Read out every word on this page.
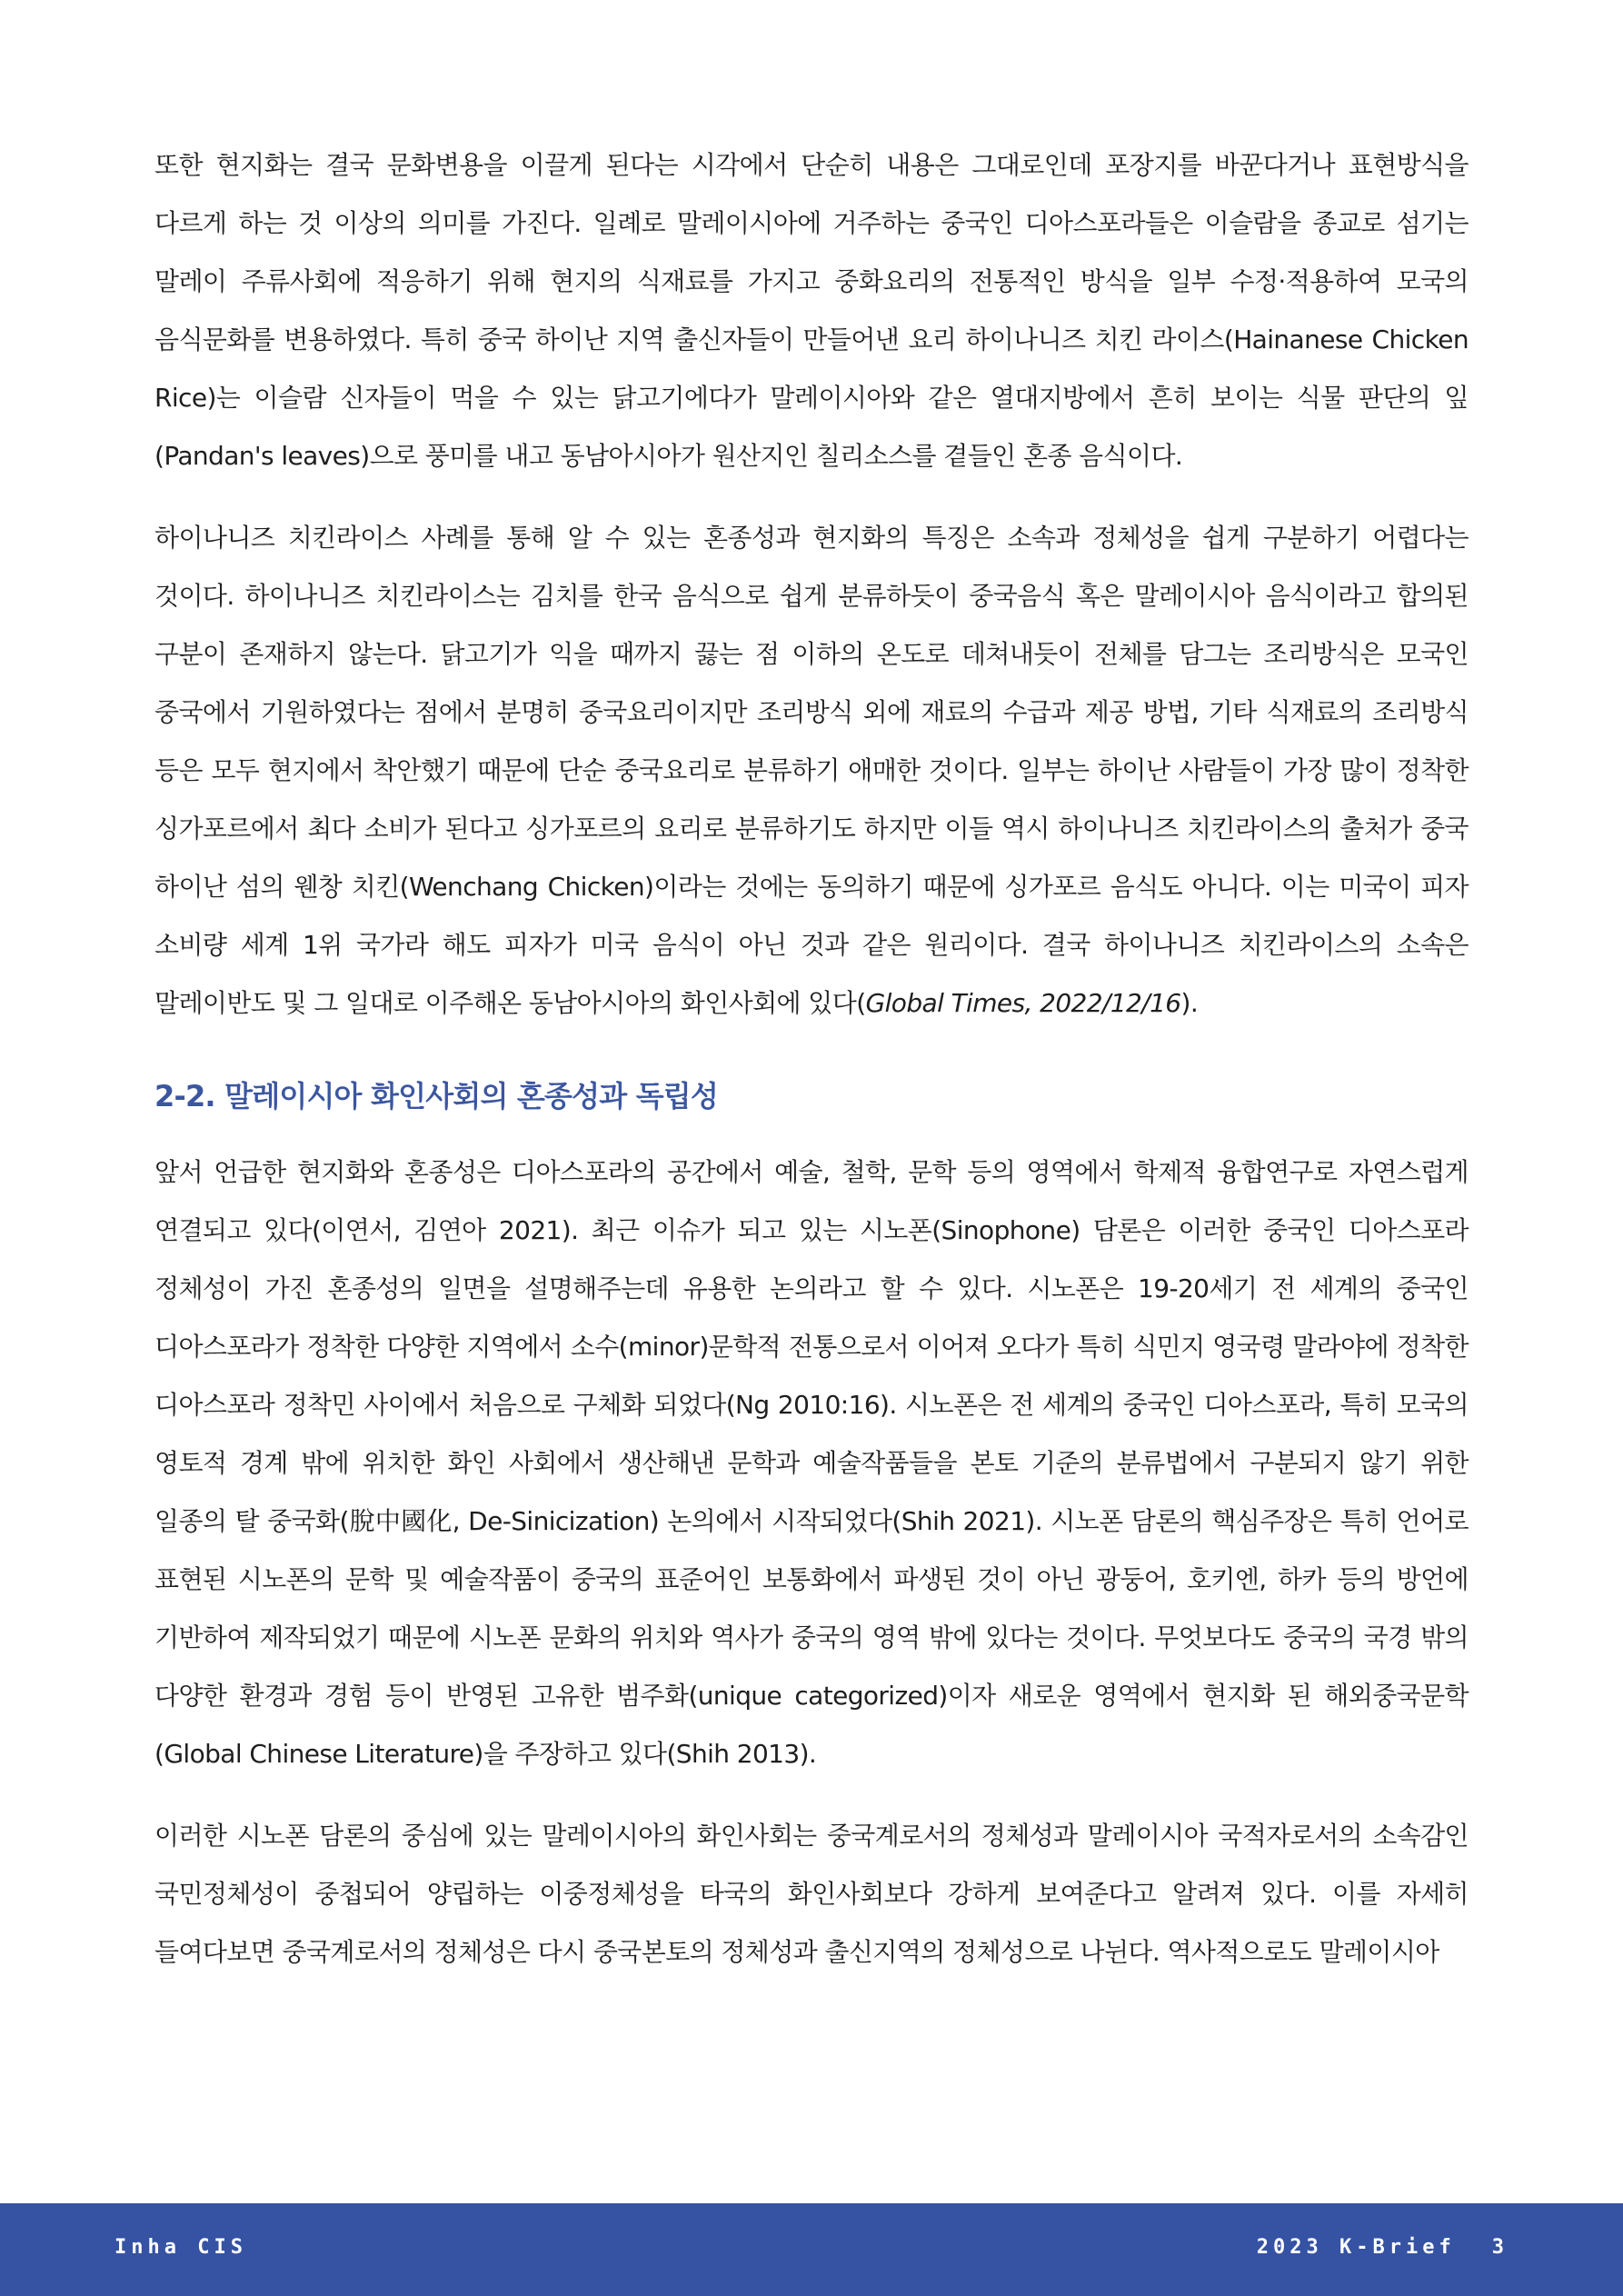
또한 현지화는 결국 문화변용을 이끌게 된다는 시각에서 단순히 내용은 그대로인데 포장지를 바꾼다거나 표현방식을 다르게 하는 것 이상의 의미를 가진다. 일례로 말레이시아에 거주하는 중국인 디아스포라들은 이슬람을 종교로 섬기는 말레이 주류사회에 적응하기 위해 현지의 식재료를 가지고 중화요리의 전통적인 방식을 일부 수정·적용하여 모국의 음식문화를 변용하였다. 특히 중국 하이난 지역 출신자들이 만들어낸 요리 하이나니즈 치킨 라이스(Hainanese Chicken Rice)는 이슬람 신자들이 먹을 수 있는 닭고기에다가 말레이시아와 같은 열대지방에서 흔히 보이는 식물 판단의 잎(Pandan's leaves)으로 풍미를 내고 동남아시아가 원산지인 칠리소스를 곁들인 혼종 음식이다.

하이나니즈 치킨라이스 사례를 통해 알 수 있는 혼종성과 현지화의 특징은 소속과 정체성을 쉽게 구분하기 어렵다는 것이다. 하이나니즈 치킨라이스는 김치를 한국 음식으로 쉽게 분류하듯이 중국음식 혹은 말레이시아 음식이라고 합의된 구분이 존재하지 않는다. 닭고기가 익을 때까지 끓는 점 이하의 온도로 데쳐내듯이 전체를 담그는 조리방식은 모국인 중국에서 기원하였다는 점에서 분명히 중국요리이지만 조리방식 외에 재료의 수급과 제공 방법, 기타 식재료의 조리방식 등은 모두 현지에서 착안했기 때문에 단순 중국요리로 분류하기 애매한 것이다. 일부는 하이난 사람들이 가장 많이 정착한 싱가포르에서 최다 소비가 된다고 싱가포르의 요리로 분류하기도 하지만 이들 역시 하이나니즈 치킨라이스의 출처가 중국 하이난 섬의 웬창 치킨(Wenchang Chicken)이라는 것에는 동의하기 때문에 싱가포르 음식도 아니다. 이는 미국이 피자 소비량 세계 1위 국가라 해도 피자가 미국 음식이 아닌 것과 같은 원리이다. 결국 하이나니즈 치킨라이스의 소속은 말레이반도 및 그 일대로 이주해온 동남아시아의 화인사회에 있다(Global Times, 2022/12/16).

2-2. 말레이시아 화인사회의 혼종성과 독립성

앞서 언급한 현지화와 혼종성은 디아스포라의 공간에서 예술, 철학, 문학 등의 영역에서 학제적 융합연구로 자연스럽게 연결되고 있다(이연서, 김연아 2021). 최근 이슈가 되고 있는 시노폰(Sinophone) 담론은 이러한 중국인 디아스포라 정체성이 가진 혼종성의 일면을 설명해주는데 유용한 논의라고 할 수 있다. 시노폰은 19-20세기 전 세계의 중국인 디아스포라가 정착한 다양한 지역에서 소수(minor)문학적 전통으로서 이어져 오다가 특히 식민지 영국령 말라야에 정착한 디아스포라 정착민 사이에서 처음으로 구체화 되었다(Ng 2010:16). 시노폰은 전 세계의 중국인 디아스포라, 특히 모국의 영토적 경계 밖에 위치한 화인 사회에서 생산해낸 문학과 예술작품들을 본토 기준의 분류법에서 구분되지 않기 위한 일종의 탈 중국화(脫中國化, De-Sinicization) 논의에서 시작되었다(Shih 2021). 시노폰 담론의 핵심주장은 특히 언어로 표현된 시노폰의 문학 및 예술작품이 중국의 표준어인 보통화에서 파생된 것이 아닌 광둥어, 호키엔, 하카 등의 방언에 기반하여 제작되었기 때문에 시노폰 문화의 위치와 역사가 중국의 영역 밖에 있다는 것이다. 무엇보다도 중국의 국경 밖의 다양한 환경과 경험 등이 반영된 고유한 범주화(unique categorized)이자 새로운 영역에서 현지화 된 해외중국문학(Global Chinese Literature)을 주장하고 있다(Shih 2013).

이러한 시노폰 담론의 중심에 있는 말레이시아의 화인사회는 중국계로서의 정체성과 말레이시아 국적자로서의 소속감인 국민정체성이 중첩되어 양립하는 이중정체성을 타국의 화인사회보다 강하게 보여준다고 알려져 있다. 이를 자세히 들여다보면 중국계로서의 정체성은 다시 중국본토의 정체성과 출신지역의 정체성으로 나뉜다. 역사적으로도 말레이시아

Inha CIS	2023 K-Brief 3
